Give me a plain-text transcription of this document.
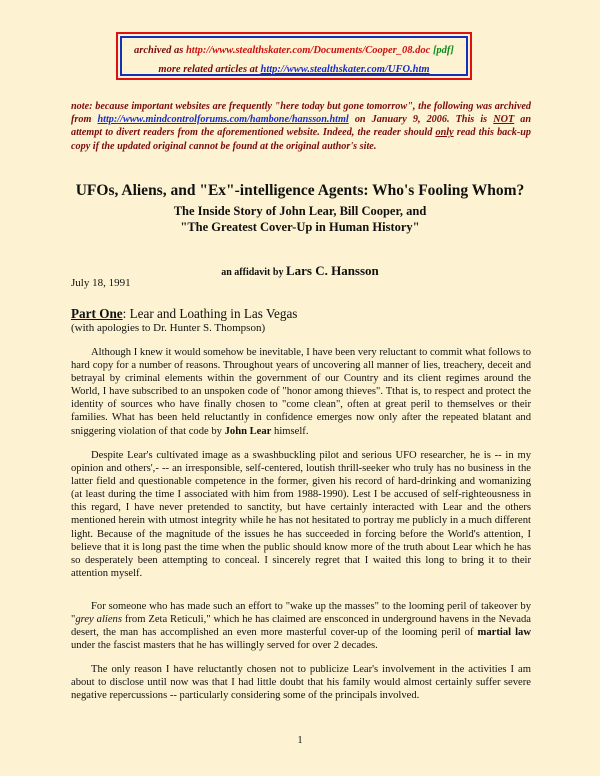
archived as http://www.stealthskater.com/Documents/Cooper_08.doc [pdf]
more related articles at http://www.stealthskater.com/UFO.htm
note: because important websites are frequently "here today but gone tomorrow", the following was archived from http://www.mindcontrolforums.com/hambone/hansson.html on January 9, 2006. This is NOT an attempt to divert readers from the aforementioned website. Indeed, the reader should only read this back-up copy if the updated original cannot be found at the original author's site.
UFOs, Aliens, and "Ex"-intelligence Agents: Who's Fooling Whom?
The Inside Story of John Lear, Bill Cooper, and
"The Greatest Cover-Up in Human History"
an affidavit by Lars C. Hansson
July 18, 1991
Part One: Lear and Loathing in Las Vegas
(with apologies to Dr. Hunter S. Thompson)
Although I knew it would somehow be inevitable, I have been very reluctant to commit what follows to hard copy for a number of reasons. Throughout years of uncovering all manner of lies, treachery, deceit and betrayal by criminal elements within the government of our Country and its client regimes around the World, I have subscribed to an unspoken code of "honor among thieves". Tthat is, to respect and protect the identity of sources who have finally chosen to "come clean", often at great peril to themselves or their families. What has been held reluctantly in confidence emerges now only after the repeated blatant and sniggering violation of that code by John Lear himself.
Despite Lear's cultivated image as a swashbuckling pilot and serious UFO researcher, he is -- in my opinion and others',- -- an irresponsible, self-centered, loutish thrill-seeker who truly has no business in the latter field and questionable competence in the former, given his record of hard-drinking and womanizing (at least during the time I associated with him from 1988-1990). Lest I be accused of self-righteousness in this regard, I have never pretended to sanctity, but have certainly interacted with Lear and the others mentioned herein with utmost integrity while he has not hesitated to portray me publicly in a much different light. Because of the magnitude of the issues he has succeeded in forcing before the World's attention, I believe that it is long past the time when the public should know more of the truth about Lear which he has so desperately been attempting to conceal. I sincerely regret that I waited this long to bring it to their attention myself.
For someone who has made such an effort to "wake up the masses" to the looming peril of takeover by "grey aliens from Zeta Reticuli," which he has claimed are ensconced in underground havens in the Nevada desert, the man has accomplished an even more masterful cover-up of the looming peril of martial law under the fascist masters that he has willingly served for over 2 decades.
The only reason I have reluctantly chosen not to publicize Lear's involvement in the activities I am about to disclose until now was that I had little doubt that his family would almost certainly suffer severe negative repercussions -- particularly considering some of the principals involved.
1
